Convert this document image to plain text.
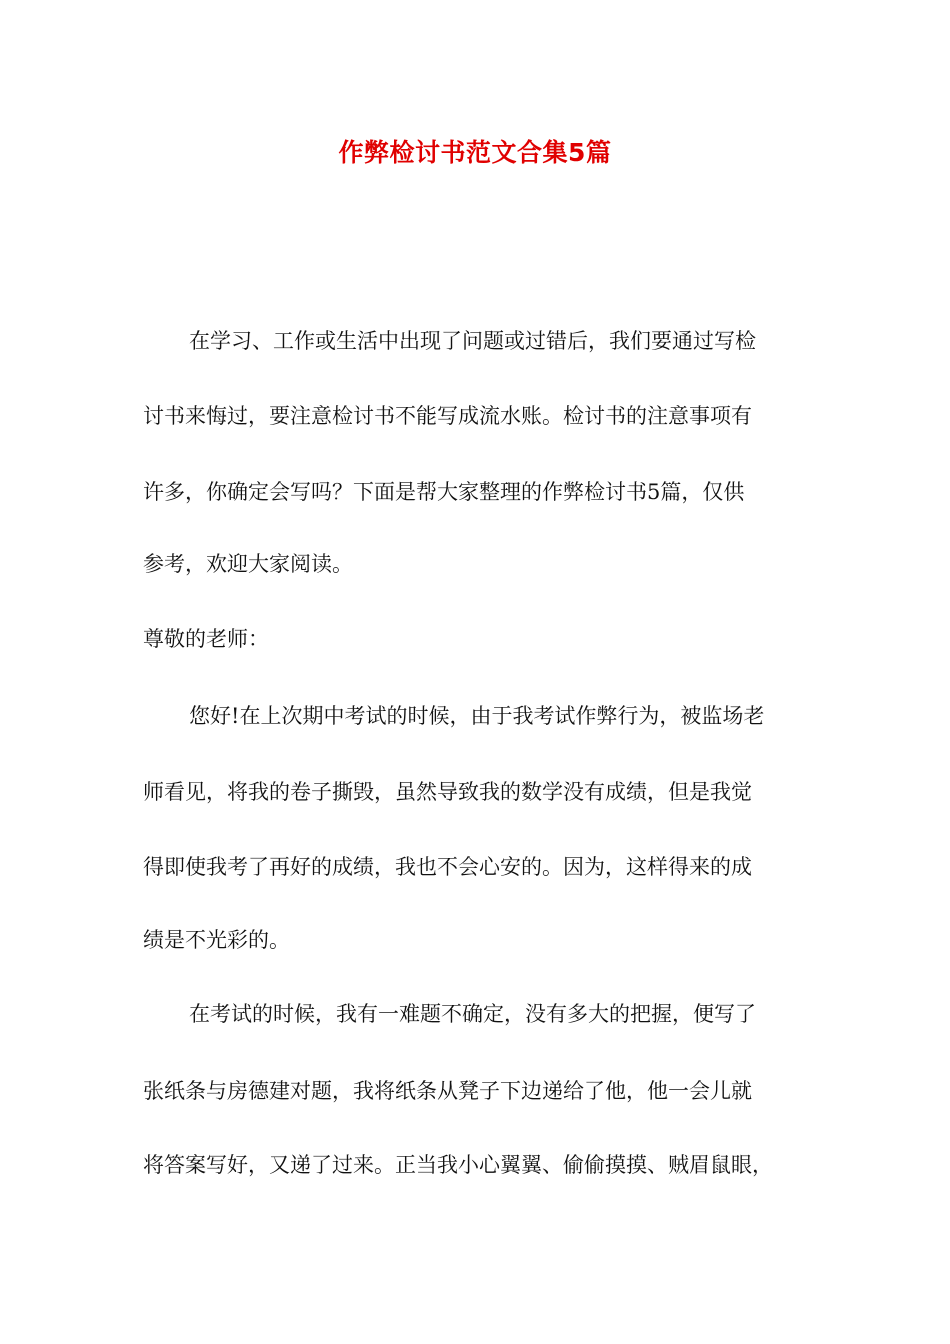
作弊检讨书范文合集5篇
在学习、工作或生活中出现了问题或过错后，我们要通过写检
讨书来悔过，要注意检讨书不能写成流水账。检讨书的注意事项有
许多，你确定会写吗？下面是帮大家整理的作弊检讨书5篇，仅供
参考，欢迎大家阅读。
尊敬的老师：
您好!在上次期中考试的时候，由于我考试作弊行为，被监场老
师看见，将我的卷子撕毁，虽然导致我的数学没有成绩，但是我觉
得即使我考了再好的成绩，我也不会心安的。因为，这样得来的成
绩是不光彩的。
在考试的时候，我有一难题不确定，没有多大的把握，便写了
张纸条与房德建对题，我将纸条从凳子下边递给了他，他一会儿就
将答案写好，又递了过来。正当我小心翼翼、偷偷摸摸、贼眉鼠眼，
